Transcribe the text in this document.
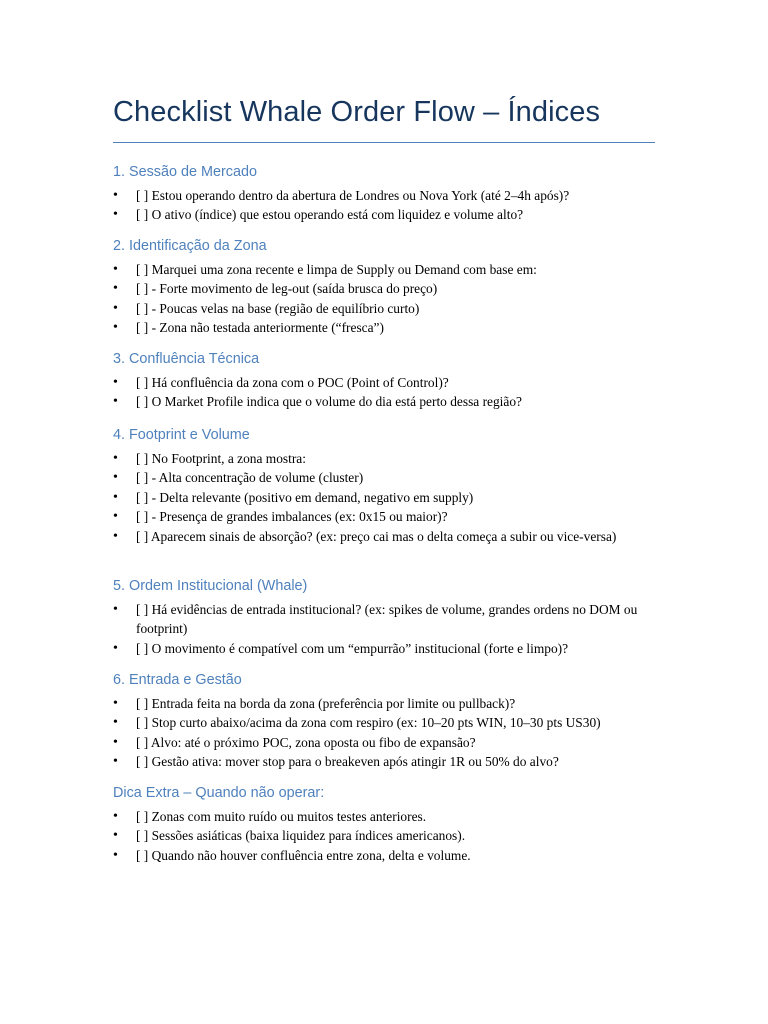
Checklist Whale Order Flow – Índices
1. Sessão de Mercado
• [ ] Estou operando dentro da abertura de Londres ou Nova York (até 2–4h após)?
• [ ] O ativo (índice) que estou operando está com liquidez e volume alto?
2. Identificação da Zona
• [ ] Marquei uma zona recente e limpa de Supply ou Demand com base em:
• [ ] - Forte movimento de leg-out (saída brusca do preço)
• [ ] - Poucas velas na base (região de equilíbrio curto)
• [ ] - Zona não testada anteriormente (“fresca”)
3. Confluência Técnica
• [ ] Há confluência da zona com o POC (Point of Control)?
• [ ] O Market Profile indica que o volume do dia está perto dessa região?
4. Footprint e Volume
• [ ] No Footprint, a zona mostra:
• [ ] - Alta concentração de volume (cluster)
• [ ] - Delta relevante (positivo em demand, negativo em supply)
• [ ] - Presença de grandes imbalances (ex: 0x15 ou maior)?
• [ ] Aparecem sinais de absorção? (ex: preço cai mas o delta começa a subir ou vice-versa)
5. Ordem Institucional (Whale)
• [ ] Há evidências de entrada institucional? (ex: spikes de volume, grandes ordens no DOM ou footprint)
• [ ] O movimento é compatível com um “empurrão” institucional (forte e limpo)?
6. Entrada e Gestão
• [ ] Entrada feita na borda da zona (preferência por limite ou pullback)?
• [ ] Stop curto abaixo/acima da zona com respiro (ex: 10–20 pts WIN, 10–30 pts US30)
• [ ] Alvo: até o próximo POC, zona oposta ou fibo de expansão?
• [ ] Gestão ativa: mover stop para o breakeven após atingir 1R ou 50% do alvo?
Dica Extra – Quando não operar:
• [ ] Zonas com muito ruído ou muitos testes anteriores.
• [ ] Sessões asiáticas (baixa liquidez para índices americanos).
• [ ] Quando não houver confluência entre zona, delta e volume.
